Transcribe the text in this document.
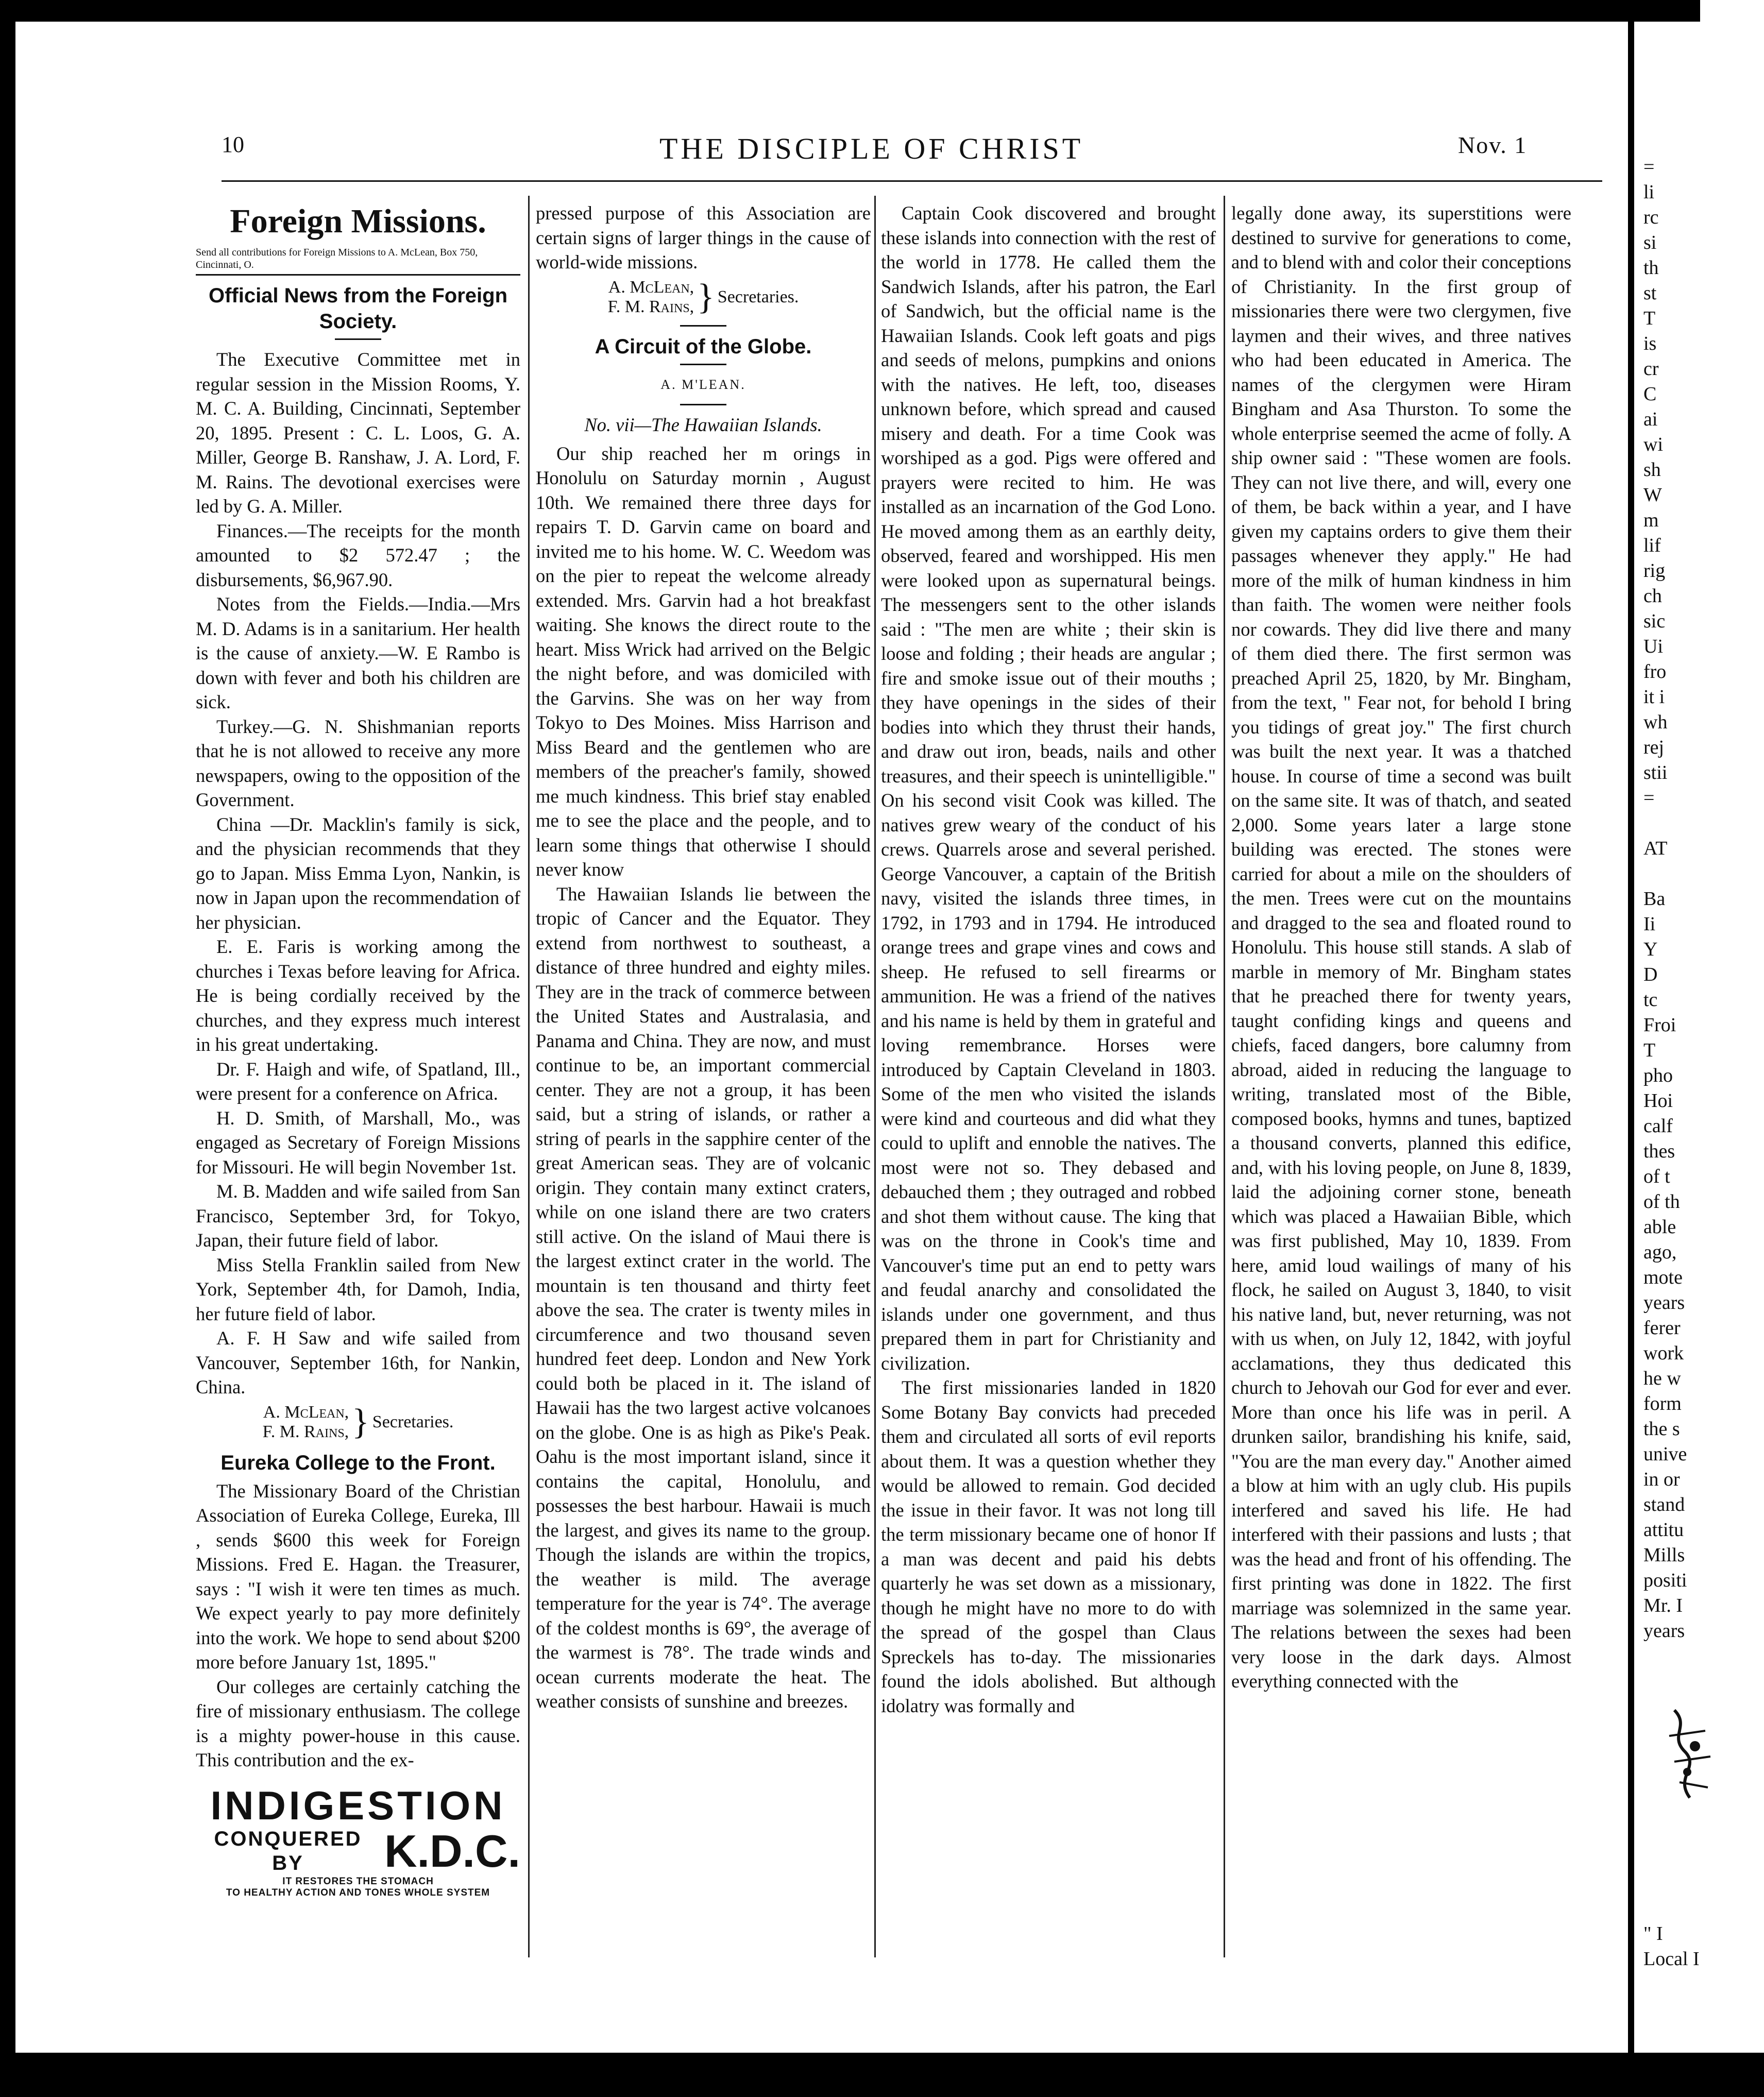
10	THE DISCIPLE OF CHRIST	Nov. 1
Foreign Missions.
Send all contributions for Foreign Missions to A. McLean, Box 750, Cincinnati, O.
Official News from the Foreign Society.

The Executive Committee met in regular session in the Mission Rooms, Y. M. C. A. Building, Cincinnati, September 20, 1895. Present : C. L. Loos, G. A. Miller, George B. Ranshaw, J. A. Lord, F. M. Rains. The devotional exercises were led by G. A. Miller.

Finances.—The receipts for the month amounted to $2 572.47 ; the disbursements, $6,967.90.

Notes from the Fields.—India.—Mrs M. D. Adams is in a sanitarium. Her health is the cause of anxiety.—W. E Rambo is down with fever and both his children are sick.

Turkey.—G. N. Shishmanian reports that he is not allowed to receive any more newspapers, owing to the opposition of the Government.

China —Dr. Macklin's family is sick, and the physician recommends that they go to Japan. Miss Emma Lyon, Nankin, is now in Japan upon the recommendation of her physician.

E. E. Faris is working among the churches i Texas before leaving for Africa. He is being cordially received by the churches, and they express much interest in his great undertaking.

Dr. F. Haigh and wife, of Spatland, Ill., were present for a conference on Africa.

H. D. Smith, of Marshall, Mo., was engaged as Secretary of Foreign Missions for Missouri. He will begin November 1st.

M. B. Madden and wife sailed from San Francisco, September 3rd, for Tokyo, Japan, their future field of labor.

Miss Stella Franklin sailed from New York, September 4th, for Damoh, India, her future field of labor.

A. F. H Saw and wife sailed from Vancouver, September 16th, for Nankin, China.

A. McLean,
F. M. Rains, } Secretaries.
Eureka College to the Front.

The Missionary Board of the Christian Association of Eureka College, Eureka, Ill , sends $600 this week for Foreign Missions. Fred E. Hagan. the Treasurer, says : "I wish it were ten times as much. We expect yearly to pay more definitely into the work. We hope to send about $200 more before January 1st, 1895."

Our colleges are certainly catching the fire of missionary enthusiasm. The college is a mighty power-house in this cause. This contribution and the ex-

INDIGESTION
CONQUERED BY	K.D.C.
IT RESTORES THE STOMACH
TO HEALTHY ACTION AND TONES WHOLE SYSTEM

pressed purpose of this Association are certain signs of larger things in the cause of world-wide missions.

A. McLean,
F. M. Rains, } Secretaries.
A Circuit of the Globe.
A. M'LEAN.
No. vii—The Hawaiian Islands.

Our ship reached her m orings in Honolulu on Saturday mornin , August 10th. We remained there three days for repairs T. D. Garvin came on board and invited me to his home. W. C. Weedom was on the pier to repeat the welcome already extended. Mrs. Garvin had a hot breakfast waiting. She knows the direct route to the heart. Miss Wrick had arrived on the Belgic the night before, and was domiciled with the Garvins. She was on her way from Tokyo to Des Moines. Miss Harrison and Miss Beard and the gentlemen who are members of the preacher's family, showed me much kindness. This brief stay enabled me to see the place and the people, and to learn some things that otherwise I should never know

The Hawaiian Islands lie between the tropic of Cancer and the Equator. They extend from northwest to southeast, a distance of three hundred and eighty miles. They are in the track of commerce between the United States and Australasia, and Panama and China. They are now, and must continue to be, an important commercial center. They are not a group, it has been said, but a string of islands, or rather a string of pearls in the sapphire center of the great American seas. They are of volcanic origin. They contain many extinct craters, while on one island there are two craters still active. On the island of Maui there is the largest extinct crater in the world. The mountain is ten thousand and thirty feet above the sea. The crater is twenty miles in circumference and two thousand seven hundred feet deep. London and New York could both be placed in it. The island of Hawaii has the two largest active volcanoes on the globe. One is as high as Pike's Peak. Oahu is the most important island, since it contains the capital, Honolulu, and possesses the best harbour. Hawaii is much the largest, and gives its name to the group. Though the islands are within the tropics, the weather is mild. The average temperature for the year is 74°. The average of the coldest months is 69°, the average of the warmest is 78°. The trade winds and ocean currents moderate the heat. The weather consists of sunshine and breezes.

Captain Cook discovered and brought these islands into connection with the rest of the world in 1778. He called them the Sandwich Islands, after his patron, the Earl of Sandwich, but the official name is the Hawaiian Islands. Cook left goats and pigs and seeds of melons, pumpkins and onions with the natives. He left, too, diseases unknown before, which spread and caused misery and death. For a time Cook was worshiped as a god. Pigs were offered and prayers were recited to him. He was installed as an incarnation of the God Lono. He moved among them as an earthly deity, observed, feared and worshipped. His men were looked upon as supernatural beings. The messengers sent to the other islands said : "The men are white ; their skin is loose and folding ; their heads are angular ; fire and smoke issue out of their mouths ; they have openings in the sides of their bodies into which they thrust their hands, and draw out iron, beads, nails and other treasures, and their speech is unintelligible." On his second visit Cook was killed. The natives grew weary of the conduct of his crews. Quarrels arose and several perished. George Vancouver, a captain of the British navy, visited the islands three times, in 1792, in 1793 and in 1794. He introduced orange trees and grape vines and cows and sheep. He refused to sell firearms or ammunition. He was a friend of the natives and his name is held by them in grateful and loving remembrance. Horses were introduced by Captain Cleveland in 1803. Some of the men who visited the islands were kind and courteous and did what they could to uplift and ennoble the natives. The most were not so. They debased and debauched them ; they outraged and robbed and shot them without cause. The king that was on the throne in Cook's time and Vancouver's time put an end to petty wars and feudal anarchy and consolidated the islands under one government, and thus prepared them in part for Christianity and civilization.

The first missionaries landed in 1820 Some Botany Bay convicts had preceded them and circulated all sorts of evil reports about them. It was a question whether they would be allowed to remain. God decided the issue in their favor. It was not long till the term missionary became one of honor If a man was decent and paid his debts quarterly he was set down as a missionary, though he might have no more to do with the spread of the gospel than Claus Spreckels has to-day. The missionaries found the idols abolished. But although idolatry was formally and

legally done away, its superstitions were destined to survive for generations to come, and to blend with and color their conceptions of Christianity. In the first group of missionaries there were two clergymen, five laymen and their wives, and three natives who had been educated in America. The names of the clergymen were Hiram Bingham and Asa Thurston. To some the whole enterprise seemed the acme of folly. A ship owner said : "These women are fools. They can not live there, and will, every one of them, be back within a year, and I have given my captains orders to give them their passages whenever they apply." He had more of the milk of human kindness in him than faith. The women were neither fools nor cowards. They did live there and many of them died there. The first sermon was preached April 25, 1820, by Mr. Bingham, from the text, " Fear not, for behold I bring you tidings of great joy." The first church was built the next year. It was a thatched house. In course of time a second was built on the same site. It was of thatch, and seated 2,000. Some years later a large stone building was erected. The stones were carried for about a mile on the shoulders of the men. Trees were cut on the mountains and dragged to the sea and floated round to Honolulu. This house still stands. A slab of marble in memory of Mr. Bingham states that he preached there for twenty years, taught confiding kings and queens and chiefs, faced dangers, bore calumny from abroad, aided in reducing the language to writing, translated most of the Bible, composed books, hymns and tunes, baptized a thousand converts, planned this edifice, and, with his loving people, on June 8, 1839, laid the adjoining corner stone, beneath which was placed a Hawaiian Bible, which was first published, May 10, 1839. From here, amid loud wailings of many of his flock, he sailed on August 3, 1840, to visit his native land, but, never returning, was not with us when, on July 12, 1842, with joyful acclamations, they thus dedicated this church to Jehovah our God for ever and ever. More than once his life was in peril. A drunken sailor, brandishing his knife, said, "You are the man every day." Another aimed a blow at him with an ugly club. His pupils interfered and saved his life. He had interfered with their passions and lusts ; that was the head and front of his offending. The first printing was done in 1822. The first marriage was solemnized in the same year. The relations between the sexes had been very loose in the dark days. Almost everything connected with the

=
li
rc
si
th
st
T
is
cr
C
ai
wi
sh
W
m
lif
rig
ch
sic
Ui
fro
it i
wh
rej
stii
=

AT

Ba
Ii
Y
D
tc
Froi
T
pho
Hoi
calf
thes
of t
of th
able
ago,
mote
years
ferer
work
he w
form
the s
unive
in or
stand
attitu
Mills
positi
Mr. I
years

" I
Local I
